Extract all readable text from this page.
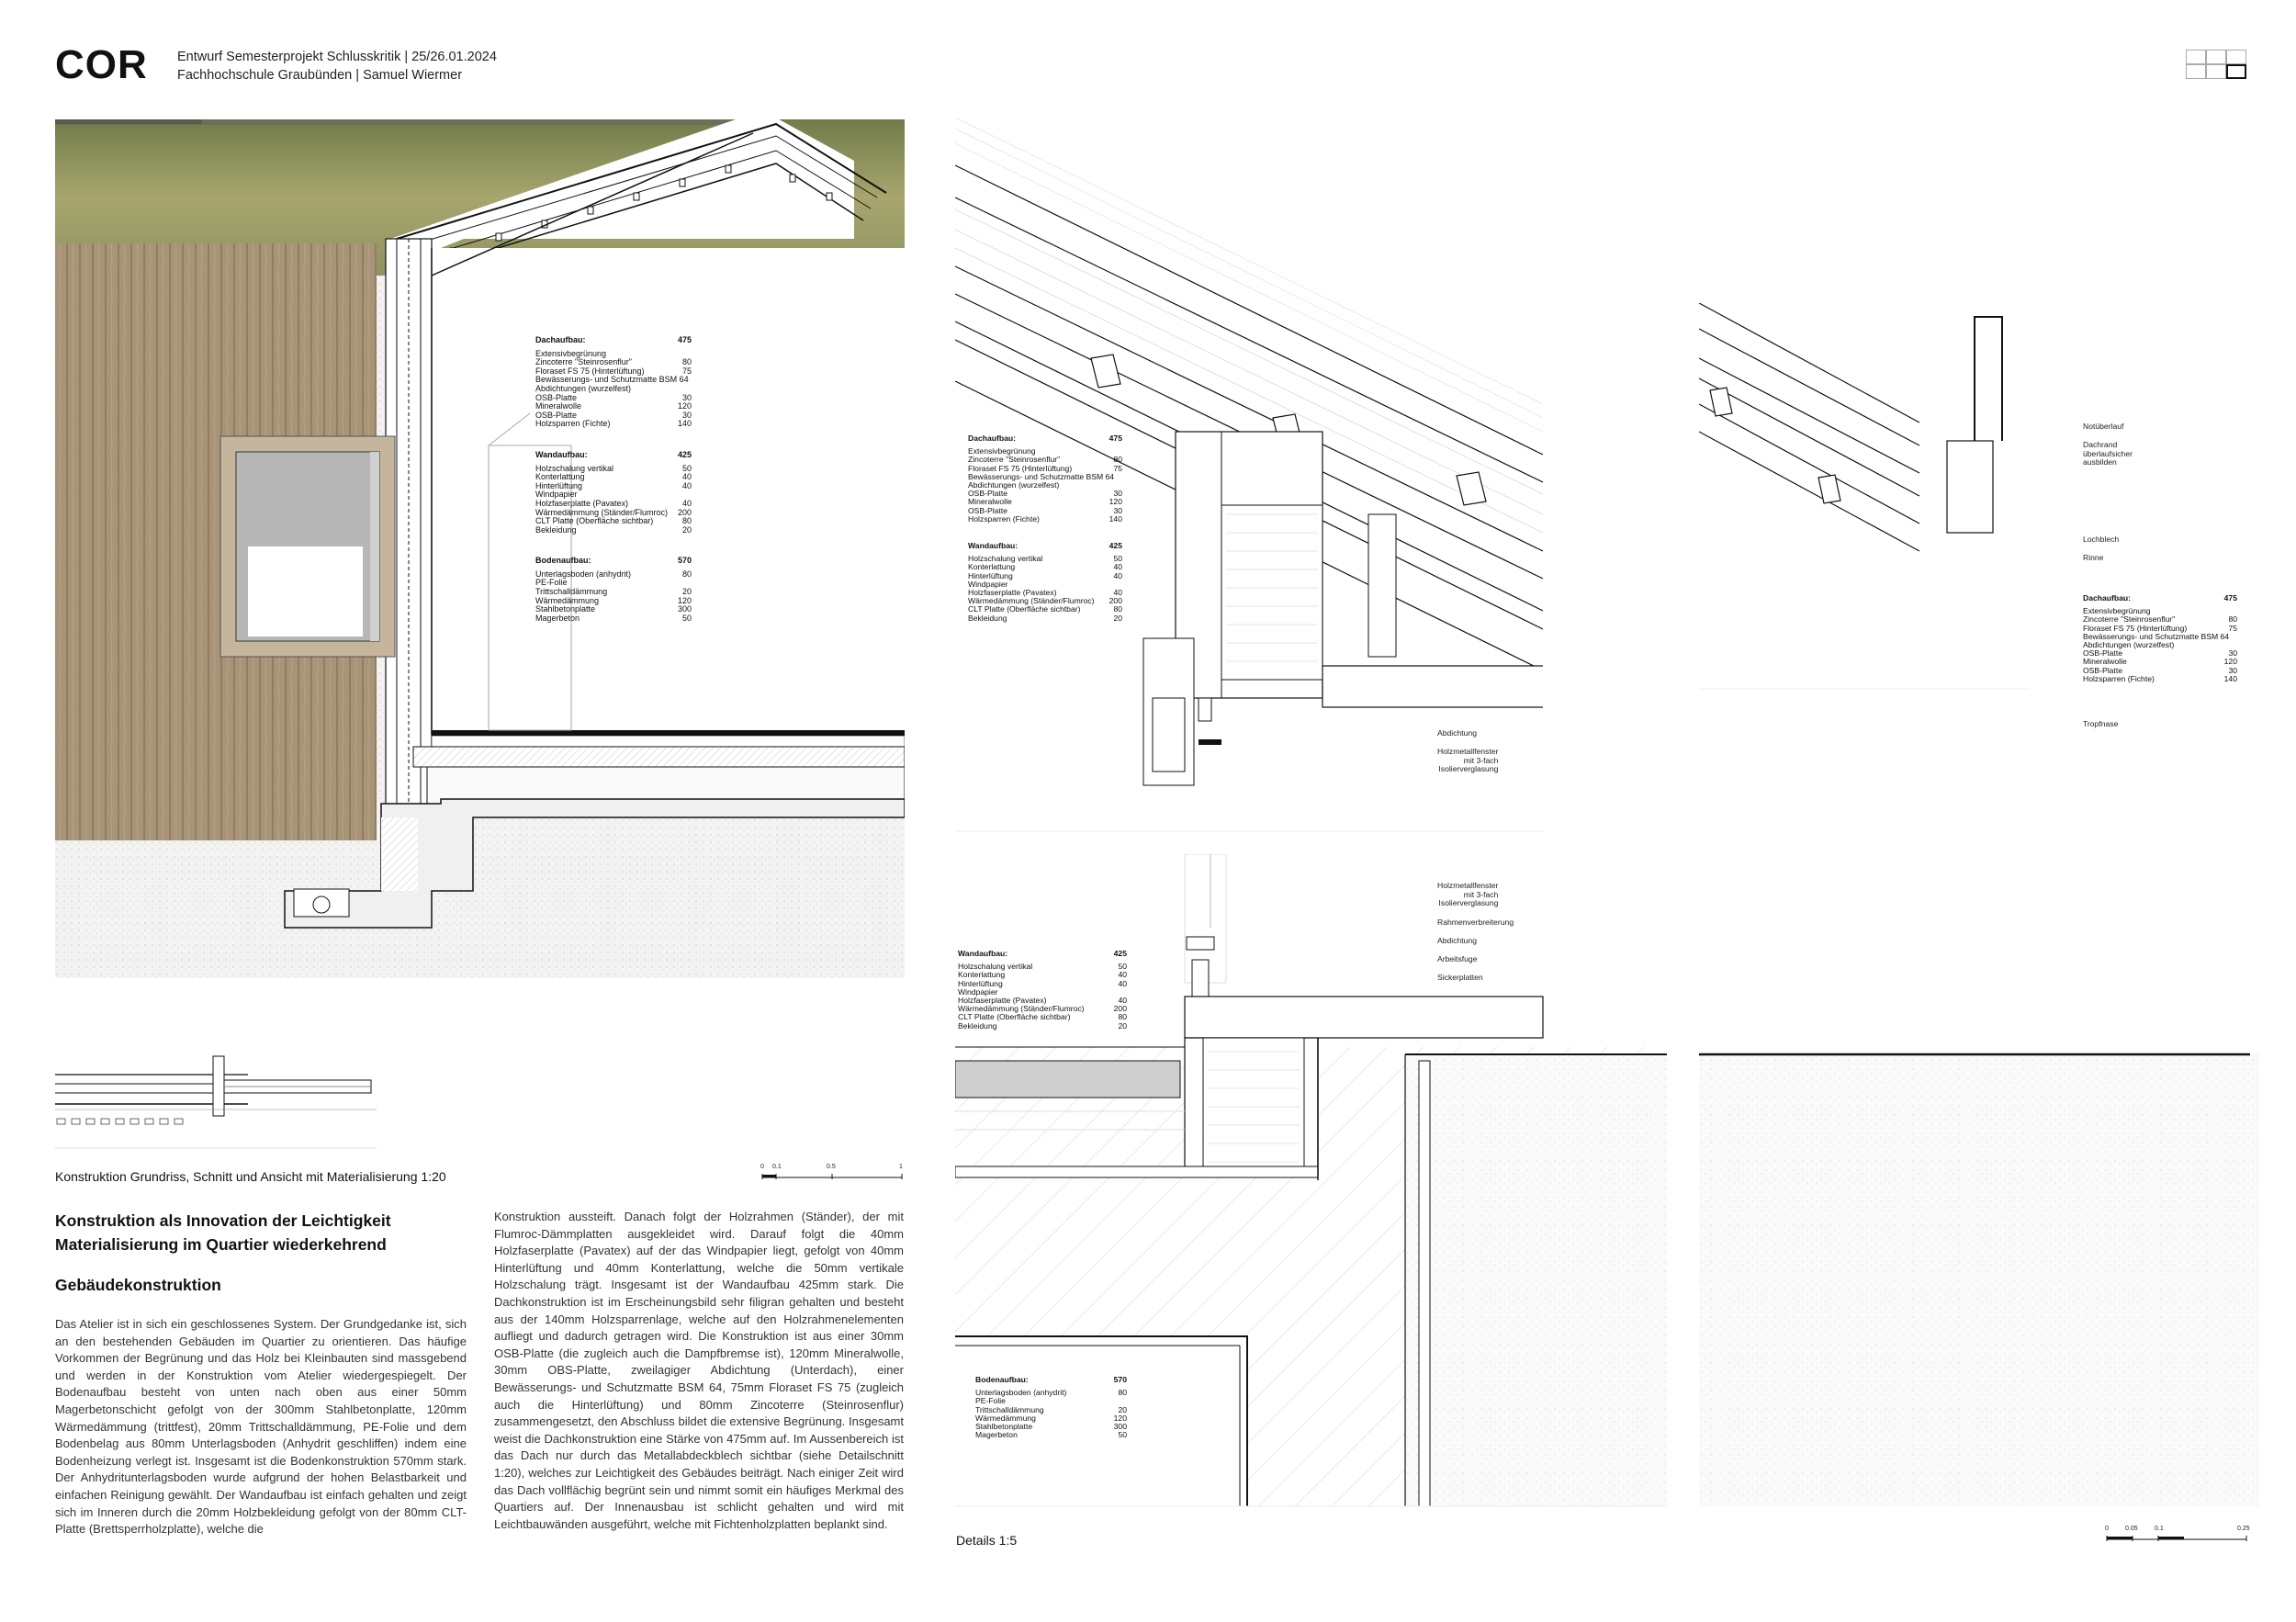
COR Entwurf Semesterprojekt Schlusskritik | 25/26.01.2024
Fachhochschule Graubünden | Samuel Wiermer
Dachaufbau:	475
Extensivbegrünung
Zincoterre "Steinrosenflur"	80
Floraset FS 75 (Hinterlüftung)	75
Bewässerungs- und Schutzmatte BSM 64
Abdichtungen (wurzelfest)
OSB-Platte	30
Mineralwolle	120
OSB-Platte	30
Holzsparren (Fichte)	140
Wandaufbau:	425
Holzschalung vertikal	50
Konterlattung	40
Hinterlüftung	40
Windpapier
Holzfaserplatte (Pavatex)	40
Wärmedämmung (Ständer/Flumroc) 200
CLT Platte (Oberfläche sichtbar)	80
Bekleidung	20
Bodenaufbau:	570
Unterlagsboden (anhydrit)	80
PE-Folie
Trittschalldämmung	20
Wärmedämmung	120
Stahlbetonplatte	300
Magerbeton	50
Konstruktion Grundriss, Schnitt und Ansicht mit Materialisierung 1:20
0 0.1	0.5	1
Konstruktion als Innovation der Leichtigkeit
Materialisierung im Quartier wiederkehrend
Gebäudekonstruktion
Das Atelier ist in sich ein geschlossenes System. Der Grundgedanke ist, sich an den bestehenden Gebäuden im Quartier zu orientieren. Das häufige Vorkommen der Begrünung und das Holz bei Kleinbauten sind massgebend und werden in der Konstruktion vom Atelier wiedergespiegelt. Der Bodenaufbau besteht von unten nach oben aus einer 50mm Magerbetonschicht gefolgt von der 300mm Stahlbetonplatte, 120mm Wärmedämmung (trittfest), 20mm Trittschalldämmung, PE-Folie und dem Bodenbelag aus 80mm Unterlagsboden (Anhydrit geschliffen) indem eine Bodenheizung verlegt ist. Insgesamt ist die Bodenkonstruktion 570mm stark. Der Anhydritunterlagsboden wurde aufgrund der hohen Belastbarkeit und einfachen Reinigung gewählt. Der Wandaufbau ist einfach gehalten und zeigt sich im Inneren durch die 20mm Holzbekleidung gefolgt von der 80mm CLT-Platte (Brettsperrholzplatte), welche die
Konstruktion aussteift. Danach folgt der Holzrahmen (Ständer), der mit Flumroc-Dämmplatten ausgekleidet wird. Darauf folgt die 40mm Holzfaserplatte (Pavatex) auf der das Windpapier liegt, gefolgt von 40mm Hinterlüftung und 40mm Konterlattung, welche die 50mm vertikale Holzschalung trägt. Insgesamt ist der Wandaufbau 425mm stark. Die Dachkonstruktion ist im Erscheinungsbild sehr filigran gehalten und besteht aus der 140mm Holzsparrenlage, welche auf den Holzrahmenelementen aufliegt und dadurch getragen wird. Die Konstruktion ist aus einer 30mm OSB-Platte (die zugleich auch die Dampfbremse ist), 120mm Mineralwolle, 30mm OBS-Platte, zweilagiger Abdichtung (Unterdach), einer Bewässerungs- und Schutzmatte BSM 64, 75mm Floraset FS 75 (zugleich auch die Hinterlüftung) und 80mm Zincoterre (Steinrosenflur) zusammengesetzt, den Abschluss bildet die extensive Begrünung. Insgesamt weist die Dachkonstruktion eine Stärke von 475mm auf. Im Aussenbereich ist das Dach nur durch das Metallabdeckblech sichtbar (siehe Detailschnitt 1:20), welches zur Leichtigkeit des Gebäudes beiträgt. Nach einiger Zeit wird das Dach vollflächig begrünt sein und nimmt somit ein häufiges Merkmal des Quartiers auf. Der Innenausbau ist schlicht gehalten und wird mit Leichtbauwänden ausgeführt, welche mit Fichtenholzplatten beplankt sind.
Abdichtung
Holzmetallfenster
mit 3-fach
Isolierverglasung
Dachaufbau:	475
Extensivbegrünung
Zincoterre "Steinrosenflur"	80
Floraset FS 75 (Hinterlüftung)	75
Bewässerungs- und Schutzmatte BSM 64
Abdichtungen (wurzelfest)
OSB-Platte	30
Mineralwolle	120
OSB-Platte	30
Holzsparren (Fichte)	140
Wandaufbau:	425
Holzschalung vertikal	50
Konterlattung	40
Hinterlüftung	40
Windpapier
Holzfaserplatte (Pavatex)	40
Wärmedämmung (Ständer/Flumroc) 200
CLT Platte (Oberfläche sichtbar)	80
Bekleidung	20
Notüberlauf
Dachrand
überlaufsicher
ausbilden
Lochblech
Rinne
Tropfnase
Dachaufbau:	475
Extensivbegrünung
Zincoterre "Steinrosenflur"	80
Floraset FS 75 (Hinterlüftung)	75
Bewässerungs- und Schutzmatte BSM 64
Abdichtungen (wurzelfest)
OSB-Platte	30
Mineralwolle	120
OSB-Platte	30
Holzsparren (Fichte)	140
Holzmetallfenster
mit 3-fach
Isolierverglasung
Rahmenverbreiterung
Abdichtung
Arbeitsfuge
Sickerplatten
Wandaufbau:	425
Holzschalung vertikal	50
Konterlattung	40
Hinterlüftung	40
Windpapier
Holzfaserplatte (Pavatex)	40
Wärmedämmung (Ständer/Flumroc)	200
CLT Platte (Oberfläche sichtbar)	80
Bekleidung	20
Bodenaufbau:	570
Unterlagsboden (anhydrit)	80
PE-Folie
Trittschalldämmung	20
Wärmedämmung	120
Stahlbetonplatte	300
Magerbeton	50
Details 1:5
0	0.05	0.1	0.25
